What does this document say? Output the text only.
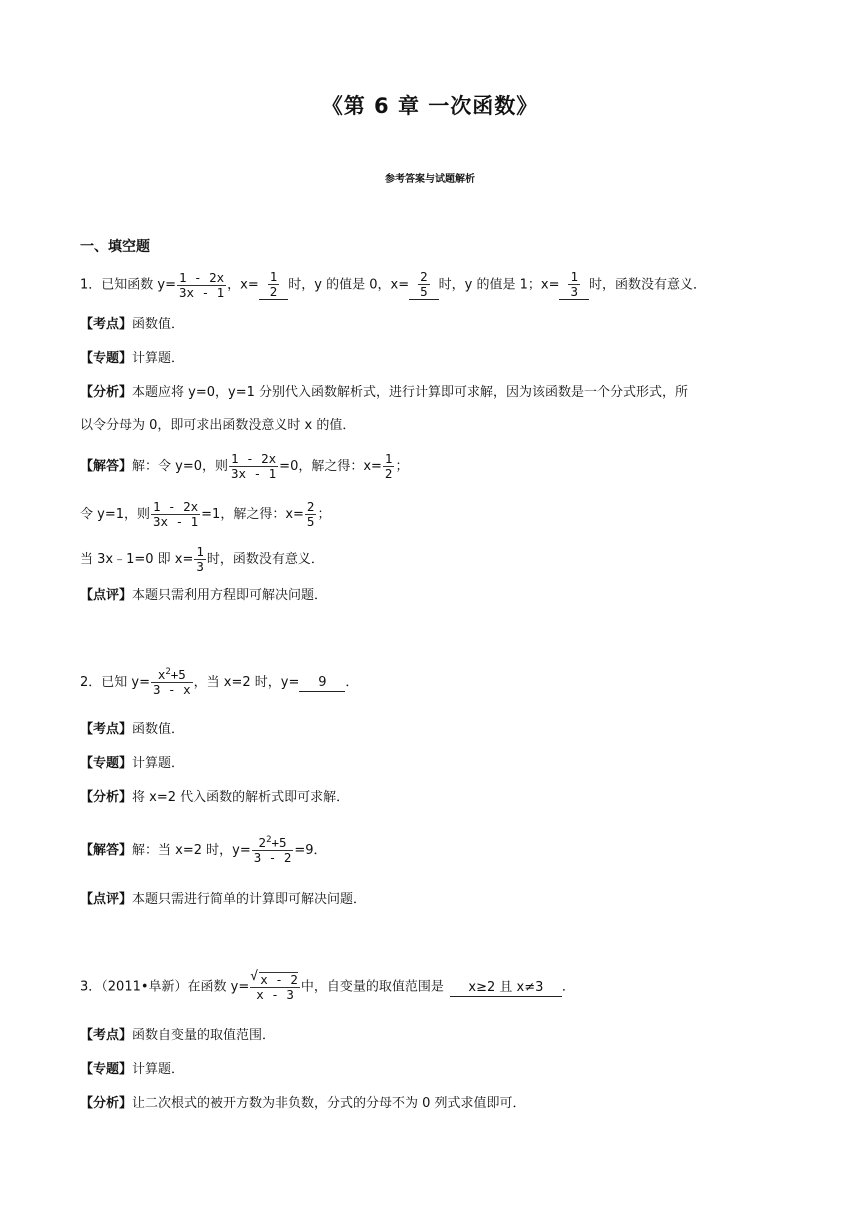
《第 6 章 一次函数》
参考答案与试题解析
一、填空题
1．已知函数 $y= \frac{1 - 2x}{3x - 1}$ ，$x= \frac{1}{2}$ 时，y 的值是 0，$x= \frac{2}{5}$ 时，y 的值是 1；$x= \frac{1}{3}$ 时，函数没有意义．
【考点】函数值．
【专题】计算题．
【分析】本题应将 y=0，y=1 分别代入函数解析式，进行计算即可求解，因为该函数是一个分式形式，所
以令分母为 0，即可求出函数没意义时 x 的值．
【解答】解：令 y=0，则 $\frac{1 - 2x}{3x - 1} =0$，解之得：$x= \frac{1}{2}$ ；
令 y=1，则 $\frac{1 - 2x}{3x - 1} =1$，解之得：$x= \frac{2}{5}$ ；
当 3x﹣1=0 即 $x= \frac{1}{3}$ 时，函数没有意义．
【点评】本题只需利用方程即可解决问题．
2．已知 $y= \frac{x^2+5}{3 - x}$ ，当 x=2 时，y= 9 ．
【考点】函数值．
【专题】计算题．
【分析】将 x=2 代入函数的解析式即可求解．
【解答】解：当 x=2 时，$y= \frac{2^2+5}{3 - 2} =9$．
【点评】本题只需进行简单的计算即可解决问题．
3．（2011•阜新）在函数 y=
√ $\frac{x - 2}{x - 3}$ 中，自变量的取值范围是 x≥2 且 x≠3 ．
【考点】函数自变量的取值范围．
【专题】计算题．
【分析】让二次根式的被开方数为非负数，分式的分母不为 0 列式求值即可．
